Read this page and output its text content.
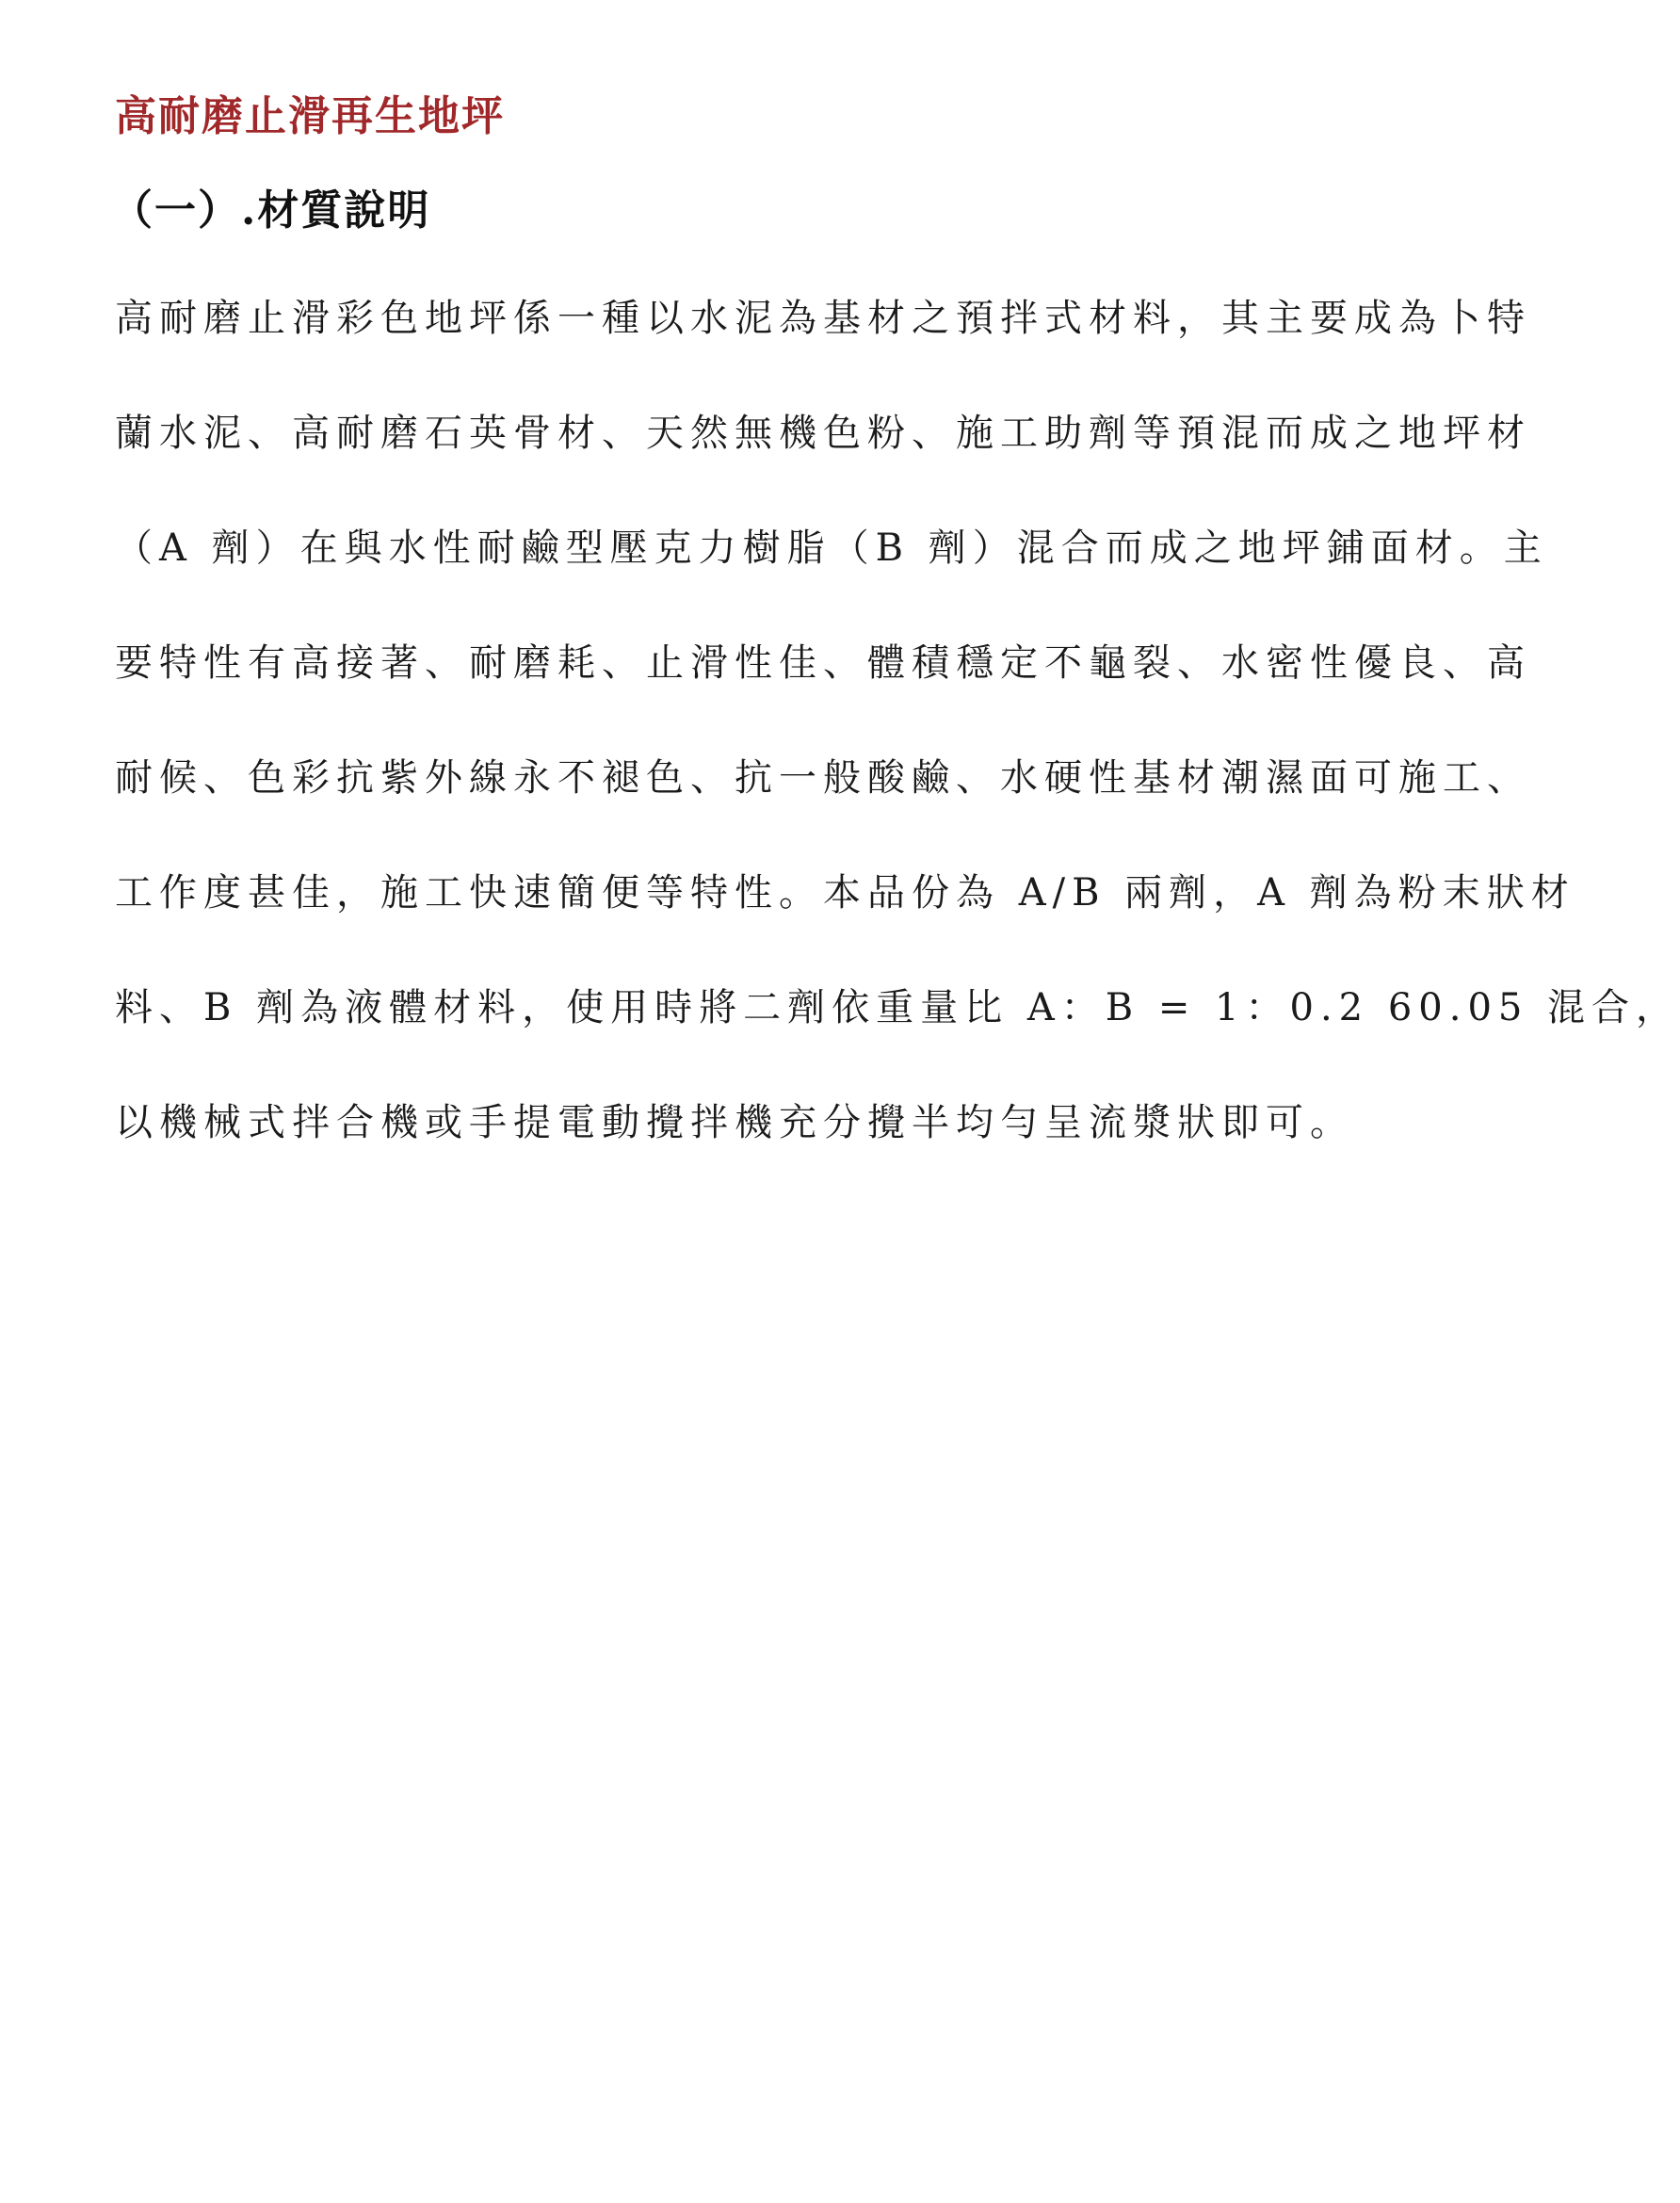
高耐磨止滑再生地坪
（一）.材質說明
高耐磨止滑彩色地坪係一種以水泥為基材之預拌式材料，其主要成為卜特
蘭水泥、高耐磨石英骨材、天然無機色粉、施工助劑等預混而成之地坪材
（A 劑）在與水性耐鹼型壓克力樹脂（B 劑）混合而成之地坪鋪面材。主
要特性有高接著、耐磨耗、止滑性佳、體積穩定不龜裂、水密性優良、高
耐候、色彩抗紫外線永不褪色、抗一般酸鹼、水硬性基材潮濕面可施工、
工作度甚佳，施工快速簡便等特性。本品份為 A/B 兩劑，A 劑為粉末狀材
料、B 劑為液體材料，使用時將二劑依重量比 A：B = 1：0.2 60.05 混合，
以機械式拌合機或手提電動攪拌機充分攪半均勻呈流漿狀即可。
